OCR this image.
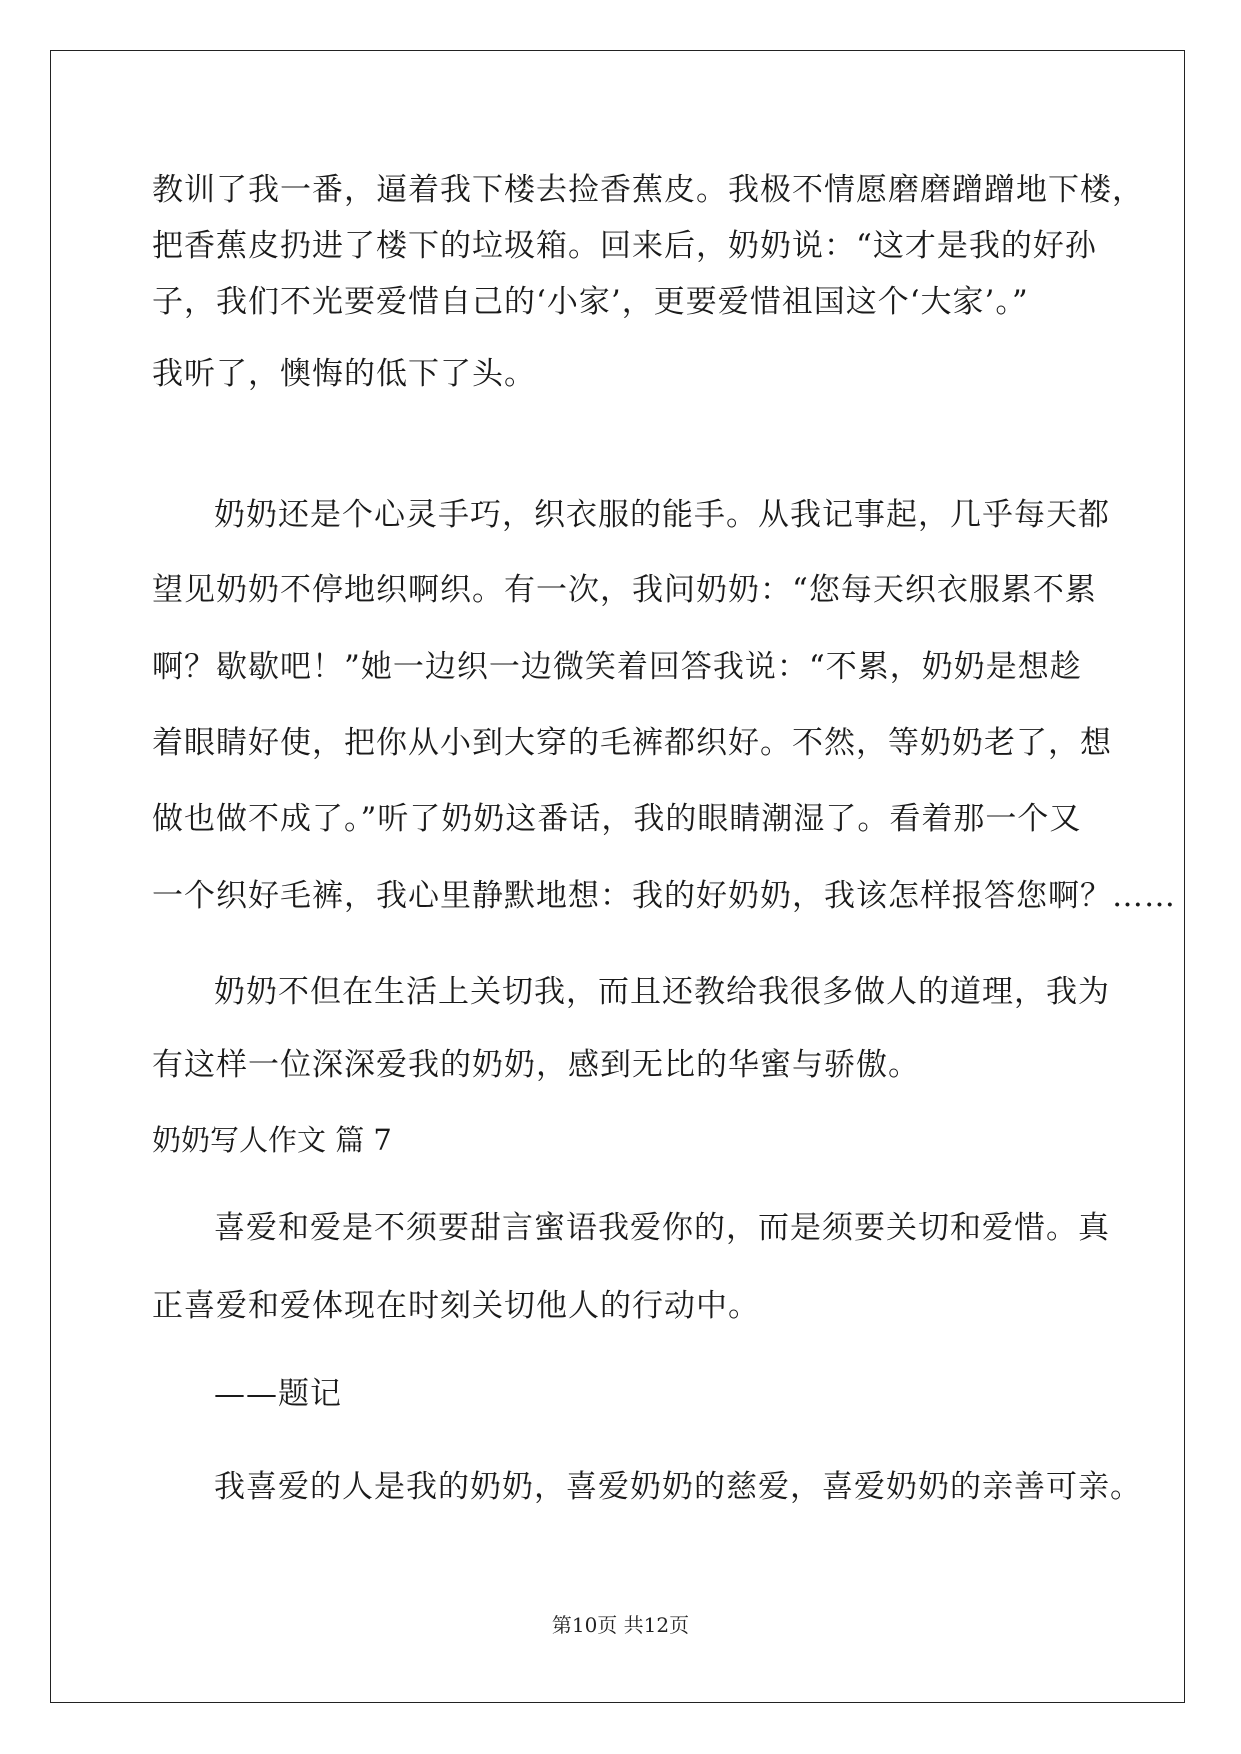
教训了我一番，逼着我下楼去捡香蕉皮。我极不情愿磨磨蹭蹭地下楼，
把香蕉皮扔进了楼下的垃圾箱。回来后，奶奶说：“这才是我的好孙
子，我们不光要爱惜自己的‘小家’，更要爱惜祖国这个‘大家’。”
我听了，懊悔的低下了头。
奶奶还是个心灵手巧，织衣服的能手。从我记事起，几乎每天都
望见奶奶不停地织啊织。有一次，我问奶奶：“您每天织衣服累不累
啊？歇歇吧！”她一边织一边微笑着回答我说：“不累，奶奶是想趁
着眼睛好使，把你从小到大穿的毛裤都织好。不然，等奶奶老了，想
做也做不成了。”听了奶奶这番话，我的眼睛潮湿了。看着那一个又
一个织好毛裤，我心里静默地想：我的好奶奶，我该怎样报答您啊？……
奶奶不但在生活上关切我，而且还教给我很多做人的道理，我为
有这样一位深深爱我的奶奶，感到无比的华蜜与骄傲。
奶奶写人作文 篇 7
喜爱和爱是不须要甜言蜜语我爱你的，而是须要关切和爱惜。真
正喜爱和爱体现在时刻关切他人的行动中。
——题记
我喜爱的人是我的奶奶，喜爱奶奶的慈爱，喜爱奶奶的亲善可亲。
第10页 共12页
